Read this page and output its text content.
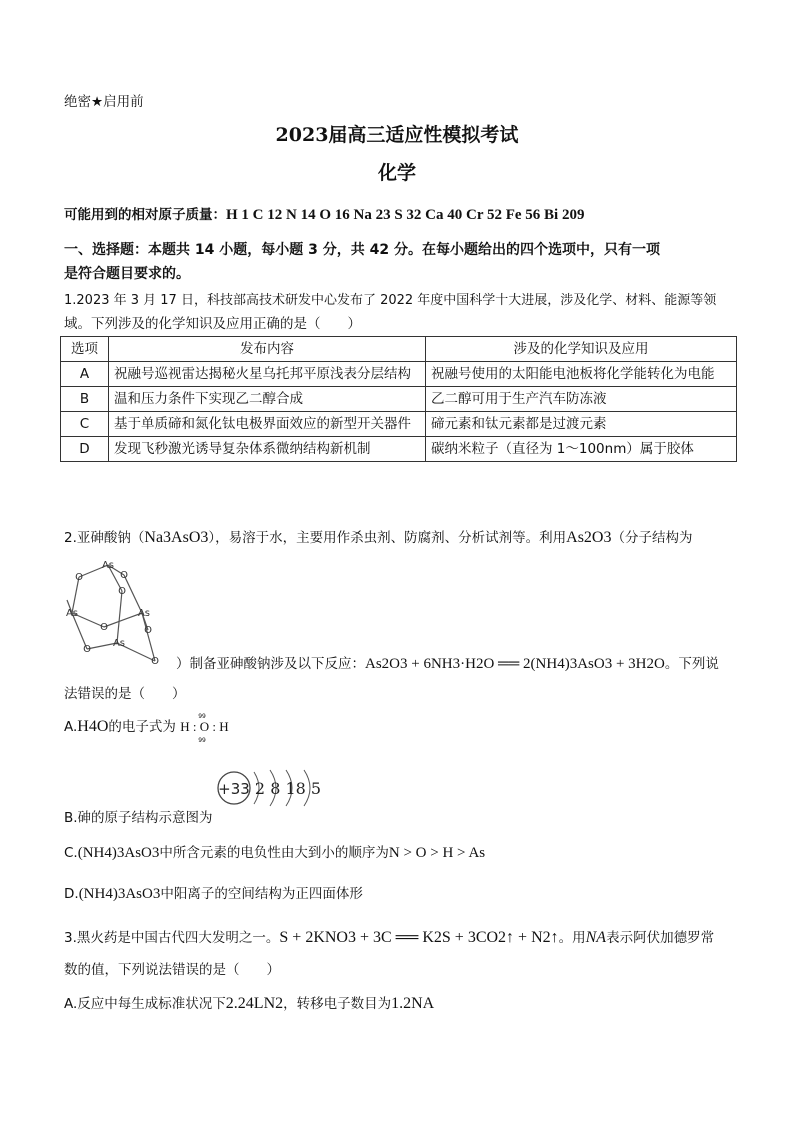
绝密★启用前
2023届高三适应性模拟考试
化学
可能用到的相对原子质量：H 1 C 12 N 14 O 16 Na 23 S 32 Ca 40 Cr 52 Fe 56 Bi 209
一、选择题：本题共 14 小题，每小题 3 分，共 42 分。在每小题给出的四个选项中，只有一项
是符合题目要求的。
1.2023 年 3 月 17 日，科技部高技术研发中心发布了 2022 年度中国科学十大进展，涉及化学、材料、能源等领
域。下列涉及的化学知识及应用正确的是（　　）
选项	发布内容	涉及的化学知识及应用
A	祝融号巡视雷达揭秘火星乌托邦平原浅表分层结构	祝融号使用的太阳能电池板将化学能转化为电能
B	温和压力条件下实现乙二醇合成	乙二醇可用于生产汽车防冻液
C	基于单质碲和氮化钛电极界面效应的新型开关器件	碲元素和钛元素都是过渡元素
D	发现飞秒激光诱导复杂体系微纳结构新机制	碳纳米粒子（直径为 1～100nm）属于胶体
2.亚砷酸钠（Na3AsO3），易溶于水，主要用作杀虫剂、防腐剂、分析试剂等。利用As2O3（分子结构为
As
O	O
O
As
O
As
O
O
As
O ）制备亚砷酸钠涉及以下反应：As2O3 + 6NH3·H2O ══ 2(NH4)3AsO3 + 3H2O。下列说
法错误的是（　　）
A.H4O的电子式为
99
H : O : H
99
+33 2 8 18 5
B.砷的原子结构示意图为
C.(NH4)3AsO3中所含元素的电负性由大到小的顺序为N > O > H > As
D.(NH4)3AsO3中阳离子的空间结构为正四面体形
3.黑火药是中国古代四大发明之一。S + 2KNO3 + 3C ══ K2S + 3CO2↑ + N2↑。用NA表示阿伏加德罗常
数的值，下列说法错误的是（　　）
A.反应中每生成标准状况下2.24LN2，转移电子数目为1.2NA
